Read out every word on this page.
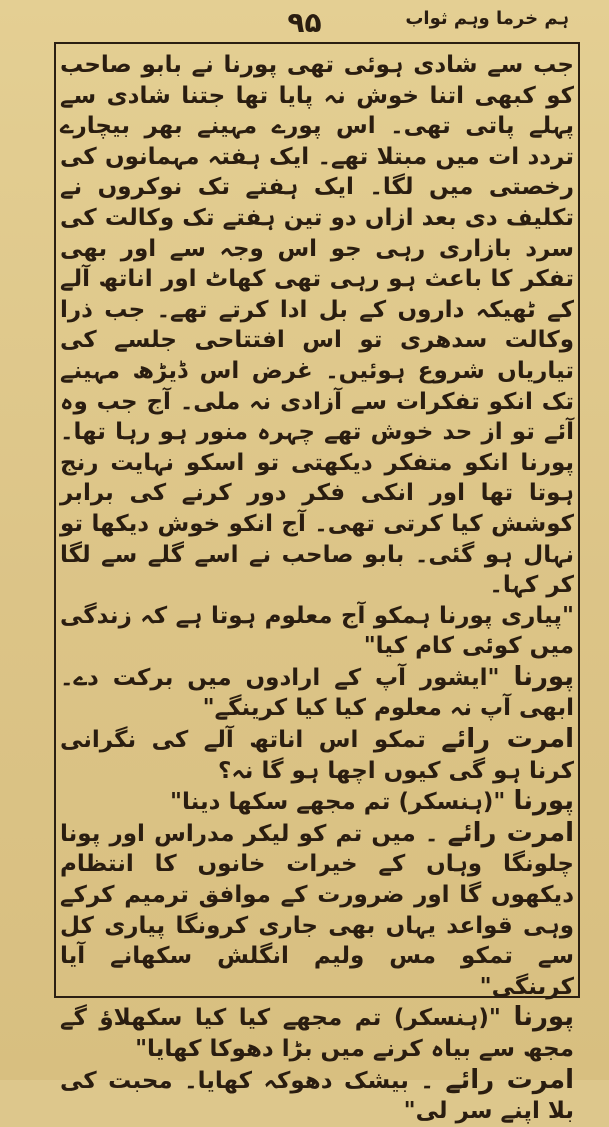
ہم خرما وہم ثواب
۹۵

جب سے شادی ہوئی تھی پورنا نے بابو صاحب کو کبھی اتنا خوش نہ پایا تھا جتنا شادی سے پہلے پاتی تھی۔ اس پورے مہینے بھر بیچارے تردد ات میں مبتلا تھے۔ ایک ہفتہ مہمانوں کی رخصتی میں لگا۔ ایک ہفتے تک نوکروں نے تکلیف دی بعد ازاں دو تین ہفتے تک وکالت کی سرد بازاری رہی جو اس وجہ سے اور بھی تفکر کا باعث ہو رہی تھی کھاٹ اور اناتھ آلے کے ٹھیکہ داروں کے بل ادا کرتے تھے۔ جب ذرا وکالت سدھری تو اس افتتاحی جلسے کی تیاریاں شروع ہوئیں۔ غرض اس ڈیڑھ مہینے تک انکو تفکرات سے آزادی نہ ملی۔ آج جب وہ آئے تو از حد خوش تھے چہرہ منور ہو رہا تھا۔ پورنا انکو متفکر دیکھتی تو اسکو نہایت رنج ہوتا تھا اور انکی فکر دور کرنے کی برابر کوشش کیا کرتی تھی۔ آج انکو خوش دیکھا تو نہال ہو گئی۔ بابو صاحب نے اسے گلے سے لگا کر کہا۔

"پیاری پورنا ہمکو آج معلوم ہوتا ہے کہ زندگی میں کوئی کام کیا"

پورنا "ایشور آپ کے ارادوں میں برکت دے۔ ابھی آپ نہ معلوم کیا کیا کرینگے"

امرت رائے تمکو اس اناتھ آلے کی نگرانی کرنا ہو گی کیوں اچھا ہو گا نہ؟

پورنا "(ہنسکر) تم مجھے سکھا دینا"

امرت رائے ۔ میں تم کو لیکر مدراس اور پونا چلونگا وہاں کے خیرات خانوں کا انتظام دیکھوں گا اور ضرورت کے موافق ترمیم کرکے وہی قواعد یہاں بھی جاری کرونگا پیاری کل سے تمکو مس ولیم انگلش سکھانے آیا کرینگی"

پورنا "(ہنسکر) تم مجھے کیا کیا سکھلاؤ گے مجھ سے بیاہ کرنے میں بڑا دھوکا کھایا"

امرت رائے ۔ بیشک دھوکہ کھایا۔ محبت کی بلا اپنے سر لی"
